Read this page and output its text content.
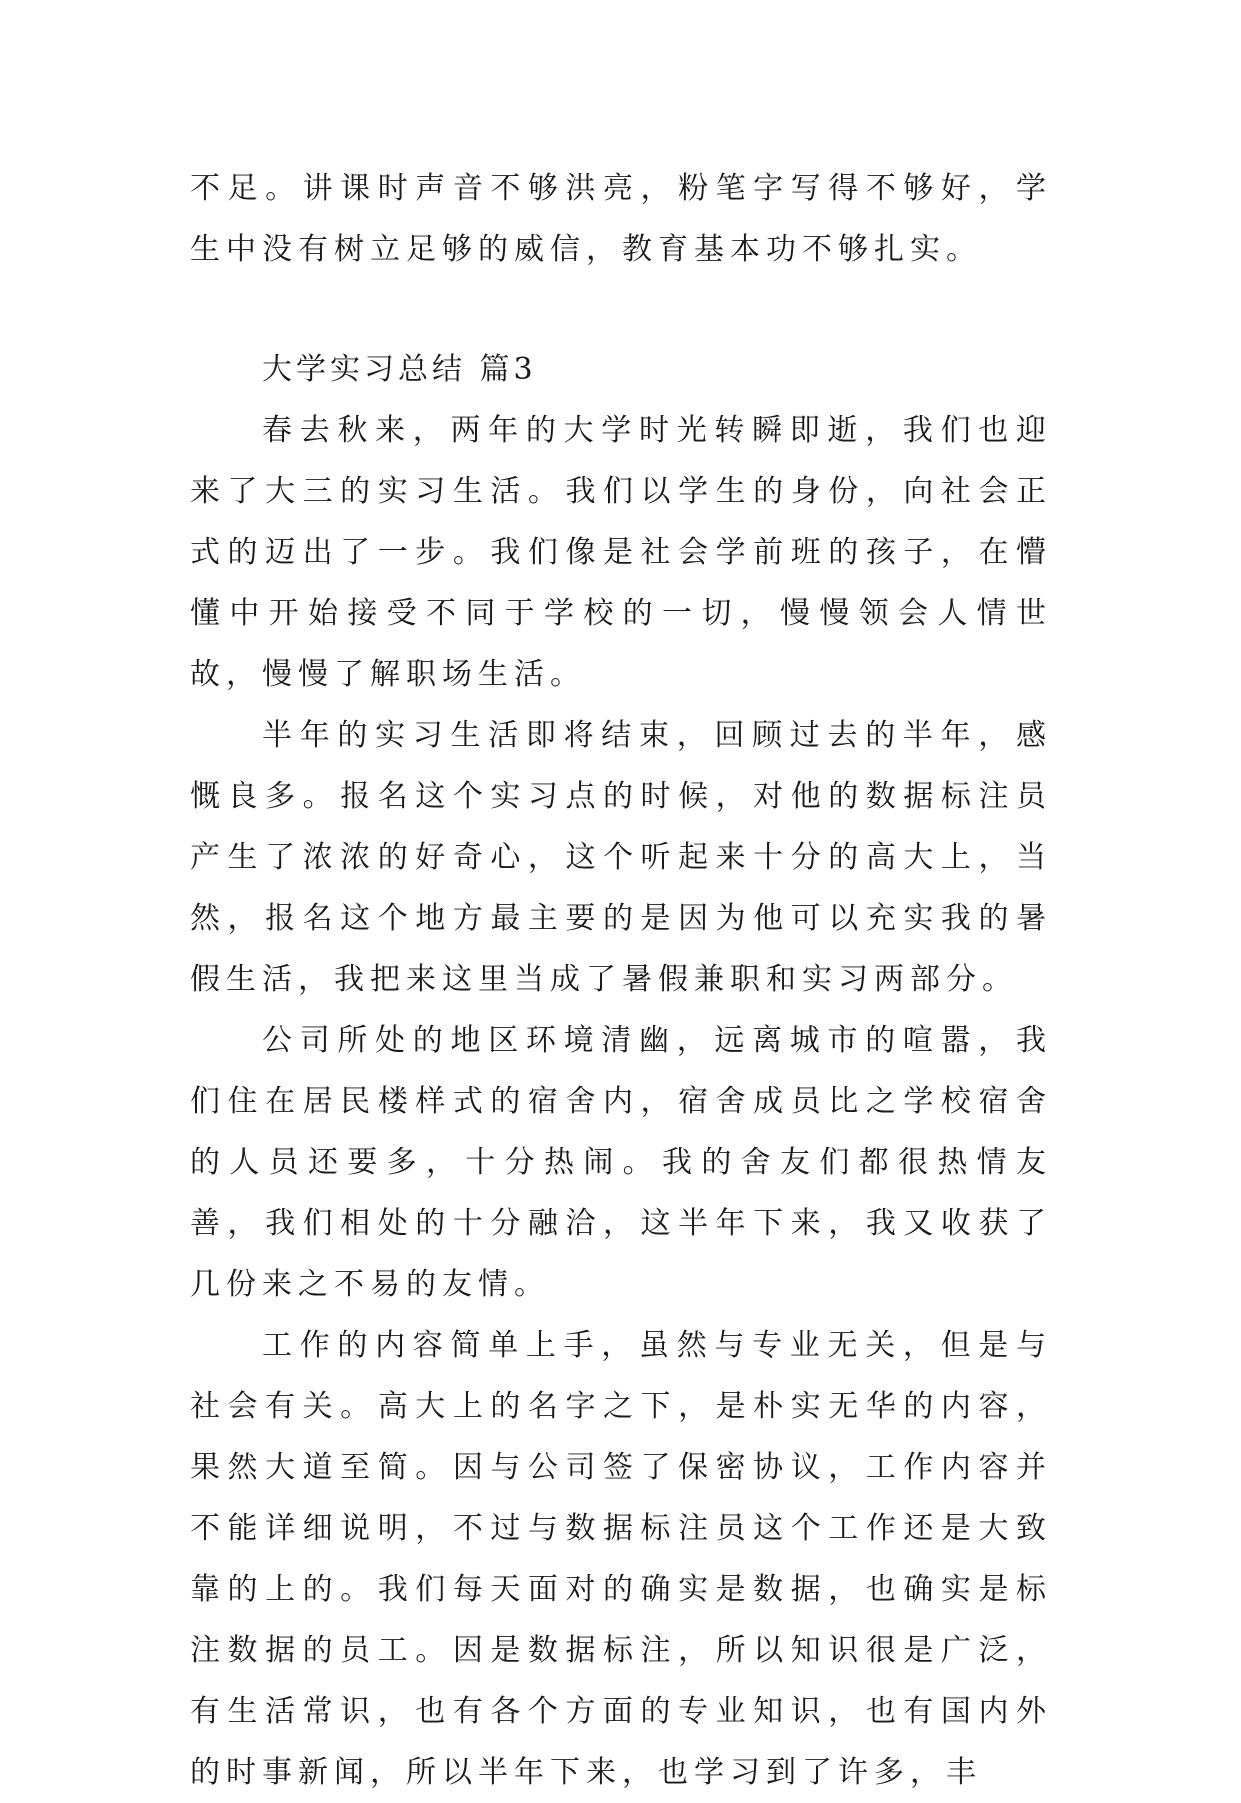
不足。讲课时声音不够洪亮，粉笔字写得不够好，学生中没有树立足够的威信，教育基本功不够扎实。

大学实习总结 篇3

春去秋来，两年的大学时光转瞬即逝，我们也迎来了大三的实习生活。我们以学生的身份，向社会正式的迈出了一步。我们像是社会学前班的孩子，在懵懂中开始接受不同于学校的一切，慢慢领会人情世故，慢慢了解职场生活。

半年的实习生活即将结束，回顾过去的半年，感慨良多。报名这个实习点的时候，对他的数据标注员产生了浓浓的好奇心，这个听起来十分的高大上，当然，报名这个地方最主要的是因为他可以充实我的暑假生活，我把来这里当成了暑假兼职和实习两部分。

公司所处的地区环境清幽，远离城市的喧嚣，我们住在居民楼样式的宿舍内，宿舍成员比之学校宿舍的人员还要多，十分热闹。我的舍友们都很热情友善，我们相处的十分融洽，这半年下来，我又收获了几份来之不易的友情。

工作的内容简单上手，虽然与专业无关，但是与社会有关。高大上的名字之下，是朴实无华的内容，果然大道至简。因与公司签了保密协议，工作内容并不能详细说明，不过与数据标注员这个工作还是大致靠的上的。我们每天面对的确实是数据，也确实是标注数据的员工。因是数据标注，所以知识很是广泛，有生活常识，也有各个方面的专业知识，也有国内外的时事新闻，所以半年下来，也学习到了许多，丰
